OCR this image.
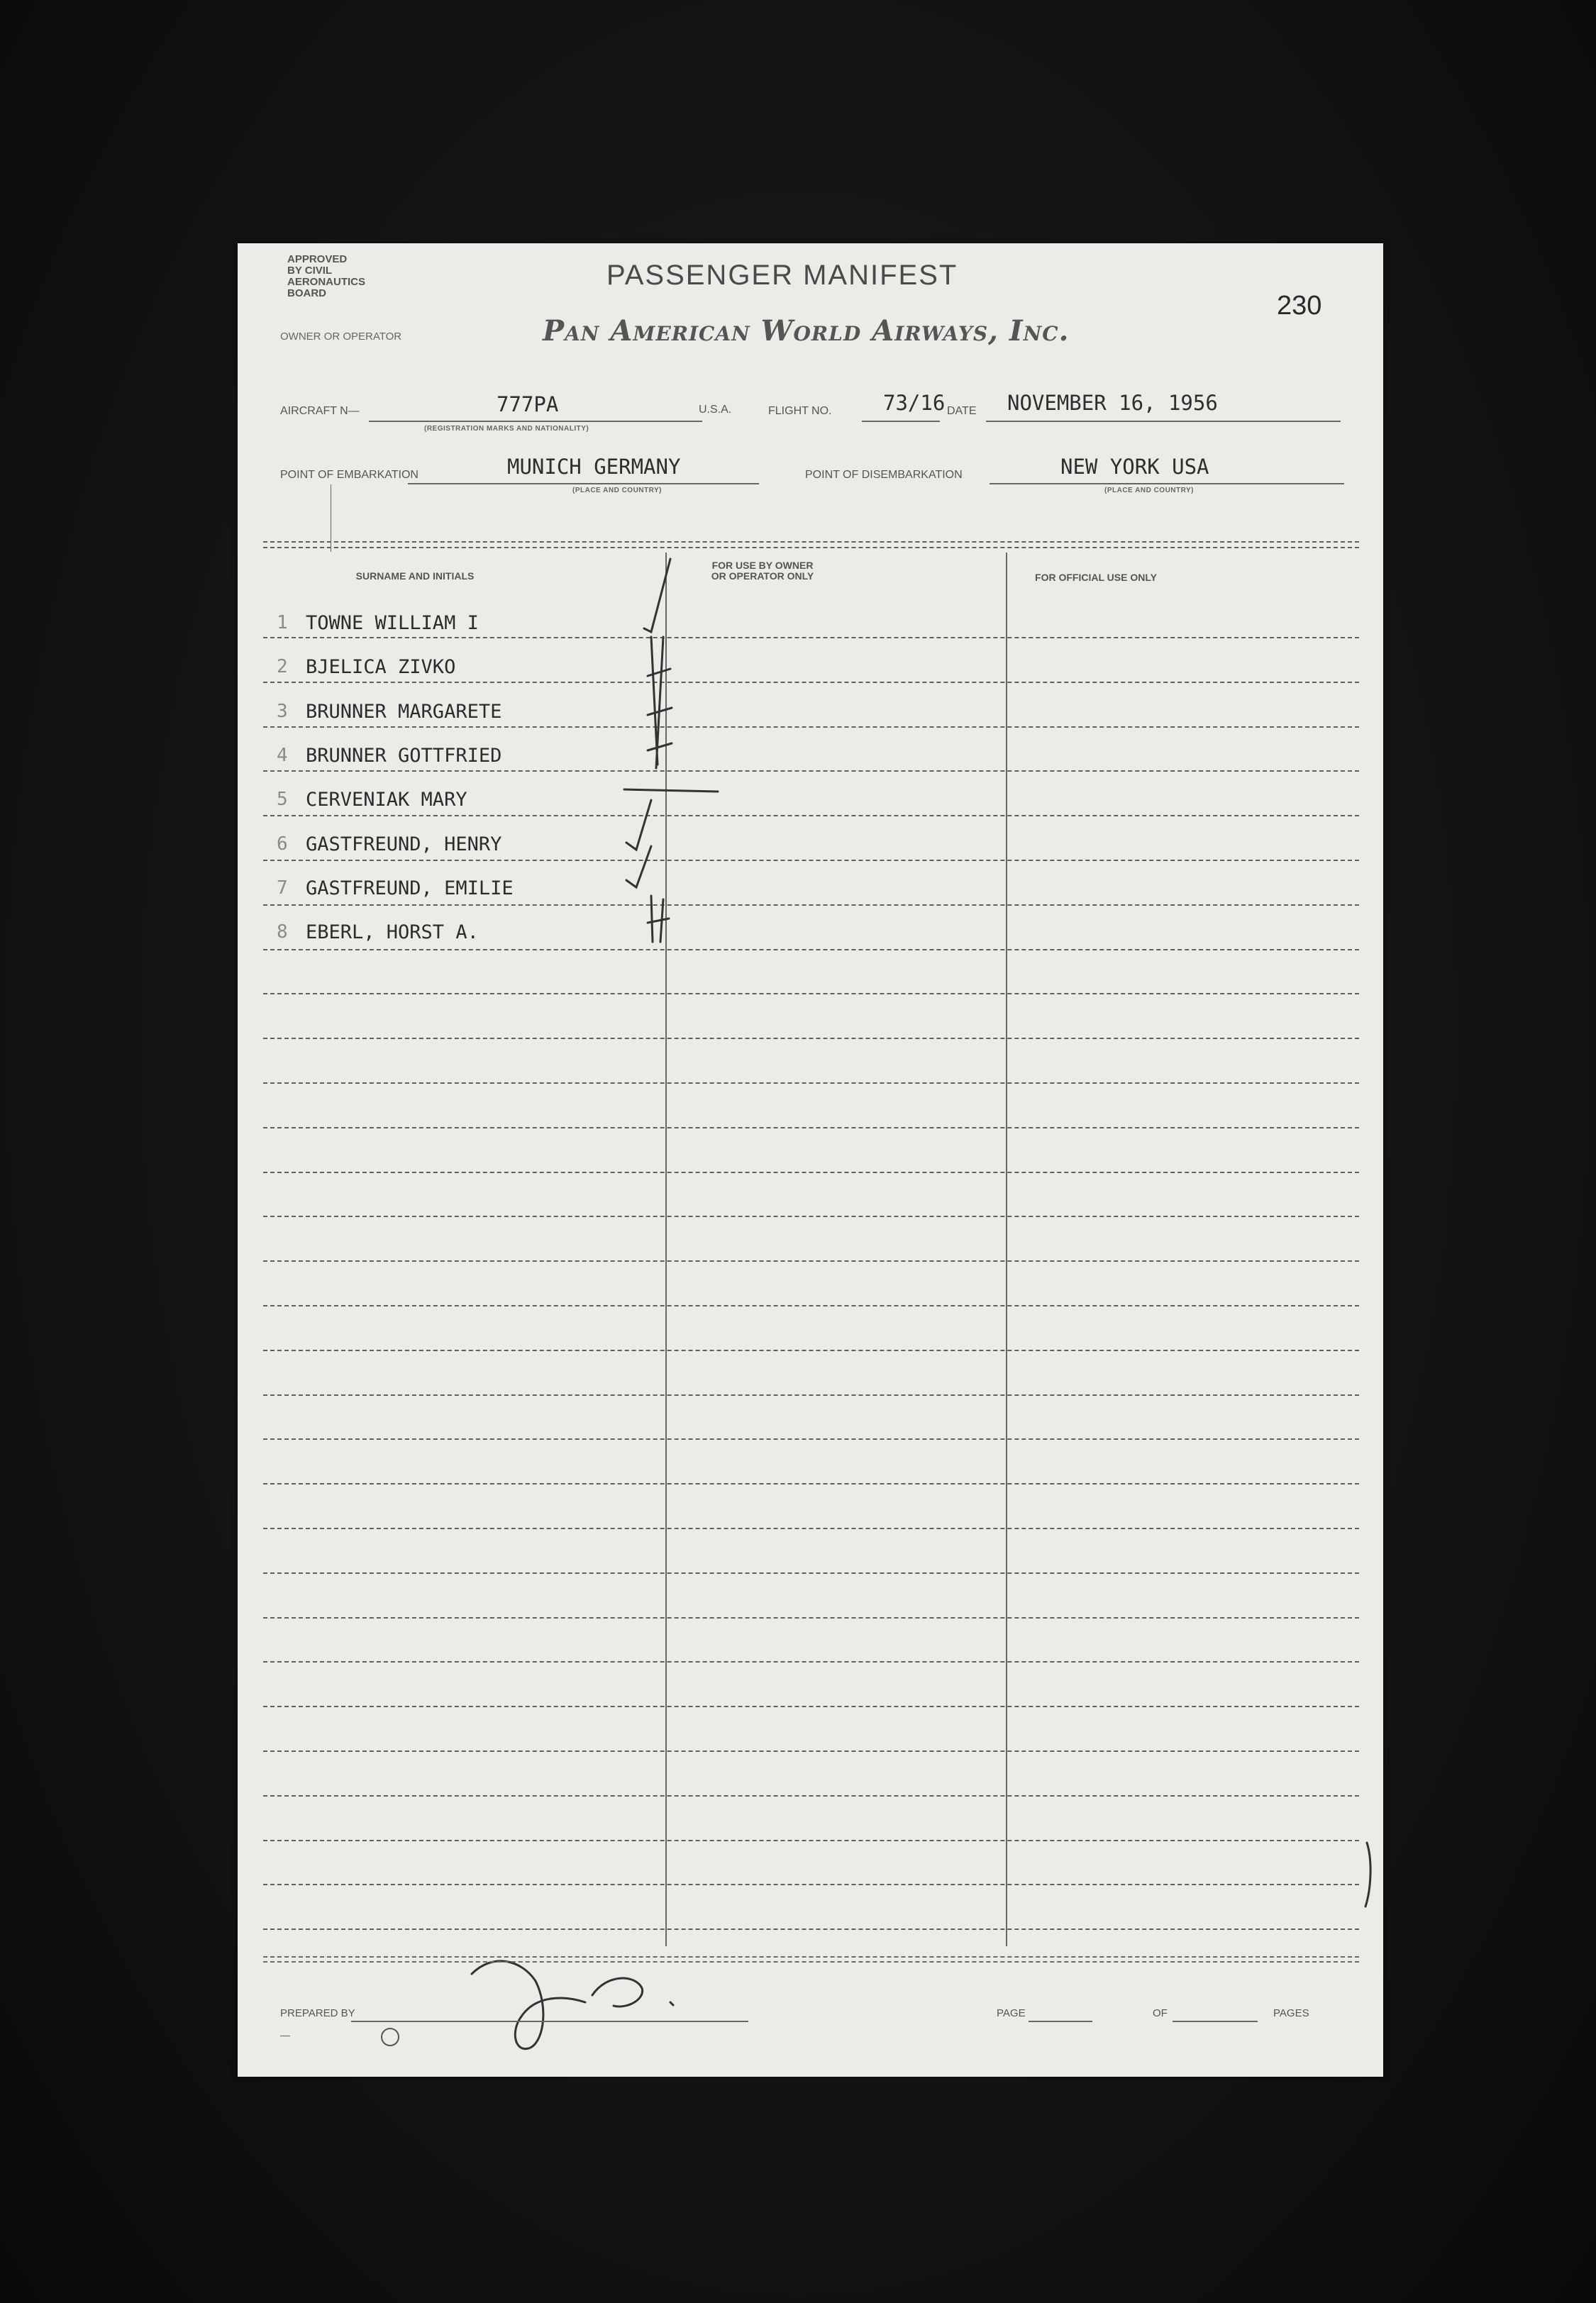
APPROVED
BY CIVIL
AERONAUTICS
BOARD
PASSENGER MANIFEST
230
OWNER OR OPERATOR	Pan American World Airways, Inc.
AIRCRAFT N—	777PA
(REGISTRATION MARKS AND NATIONALITY)
U.S.A.	FLIGHT NO.	73/16 DATE NOVEMBER 16, 1956
POINT OF EMBARKATION	MUNICH GERMANY
(PLACE AND COUNTRY)
POINT OF DISEMBARKATION	NEW YORK USA
(PLACE AND COUNTRY)
SURNAME AND INITIALS
FOR USE BY OWNER
OR OPERATOR ONLY	FOR OFFICIAL USE ONLY
1 TOWNE WILLIAM I
2 BJELICA ZIVKO
3 BRUNNER MARGARETE
4 BRUNNER GOTTFRIED
5 CERVENIAK MARY
6 GASTFREUND, HENRY
7 GASTFREUND, EMILIE
8 EBERL, HORST A.
PREPARED BY
—
PAGE	OF	PAGES
